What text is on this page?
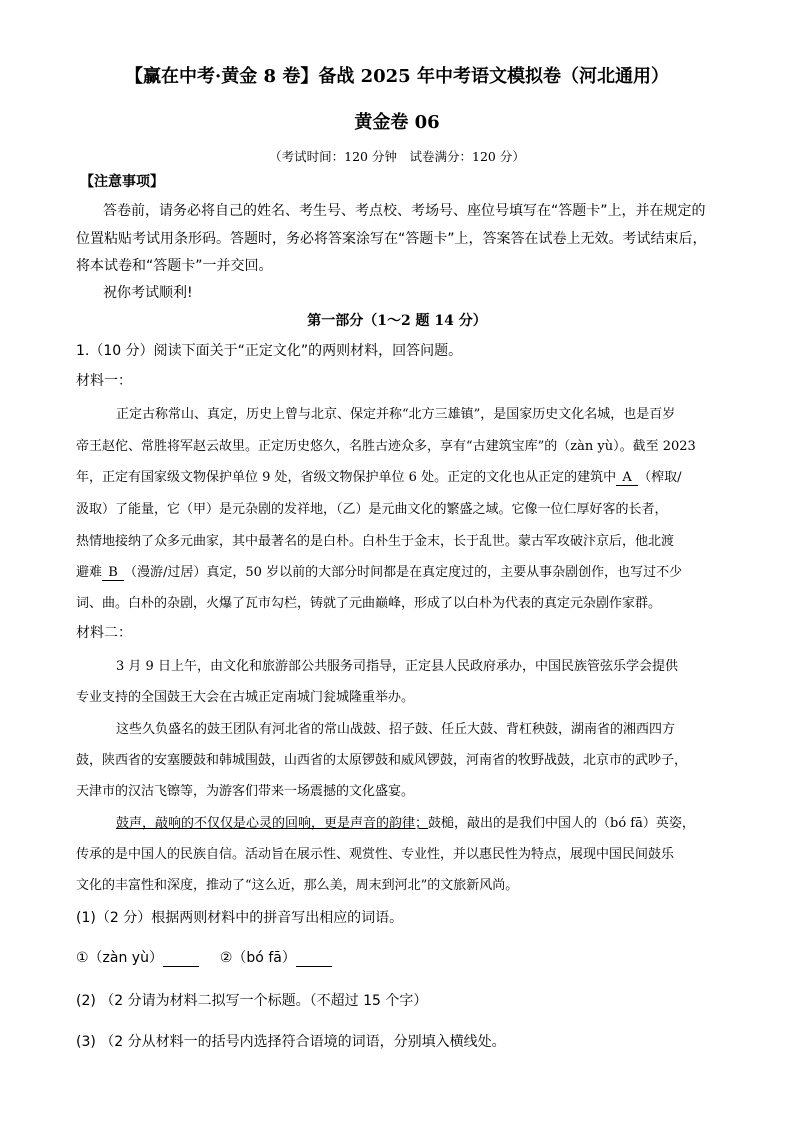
【赢在中考·黄金 8 卷】备战 2025 年中考语文模拟卷（河北通用）
黄金卷 06
（考试时间：120 分钟　试卷满分：120 分）
【注意事项】
答卷前，请务必将自己的姓名、考生号、考点校、考场号、座位号填写在“答题卡”上，并在规定的
位置粘贴考试用条形码。答题时，务必将答案涂写在“答题卡”上，答案答在试卷上无效。考试结束后，
将本试卷和“答题卡”一并交回。
祝你考试顺利!
第一部分（1～2 题 14 分）
1.（10 分）阅读下面关于“正定文化”的两则材料，回答问题。
材料一：
正定古称常山、真定，历史上曾与北京、保定并称“北方三雄镇”，是国家历史文化名城，也是百岁
帝王赵佗、常胜将军赵云故里。正定历史悠久，名胜古迹众多，享有“古建筑宝库”的（zàn yù）。截至 2023
年，正定有国家级文物保护单位 9 处，省级文物保护单位 6 处。正定的文化也从正定的建筑中 A （榨取/
汲取）了能量，它（甲）是元杂剧的发祥地，（乙）是元曲文化的繁盛之域。它像一位仁厚好客的长者，
热情地接纳了众多元曲家，其中最著名的是白朴。白朴生于金末，长于乱世。蒙古军攻破汴京后，他北渡
避难 B （漫游/过居）真定，50 岁以前的大部分时间都是在真定度过的，主要从事杂剧创作，也写过不少
词、曲。白朴的杂剧，火爆了瓦市勾栏，铸就了元曲巅峰，形成了以白朴为代表的真定元杂剧作家群。
材料二：
3 月 9 日上午，由文化和旅游部公共服务司指导，正定县人民政府承办，中国民族管弦乐学会提供
专业支持的全国鼓王大会在古城正定南城门瓮城隆重举办。
这些久负盛名的鼓王团队有河北省的常山战鼓、招子鼓、任丘大鼓、背杠秧鼓，湖南省的湘西四方
鼓，陕西省的安塞腰鼓和韩城围鼓，山西省的太原锣鼓和威风锣鼓，河南省的牧野战鼓，北京市的武吵子，
天津市的汉沽飞镲等，为游客们带来一场震撼的文化盛宴。
鼓声，敲响的不仅仅是心灵的回响，更是声音的韵律；鼓槌，敲出的是我们中国人的（bó fā）英姿，
传承的是中国人的民族自信。活动旨在展示性、观赏性、专业性，并以惠民性为特点，展现中国民间鼓乐
文化的丰富性和深度，推动了“这么近，那么美，周末到河北”的文旅新风尚。
(1)（2 分）根据两则材料中的拼音写出相应的词语。
①（zàn yù）	②（bó fā）
(2) （2 分请为材料二拟写一个标题。（不超过 15 个字）
(3) （2 分从材料一的括号内选择符合语境的词语，分别填入横线处。
